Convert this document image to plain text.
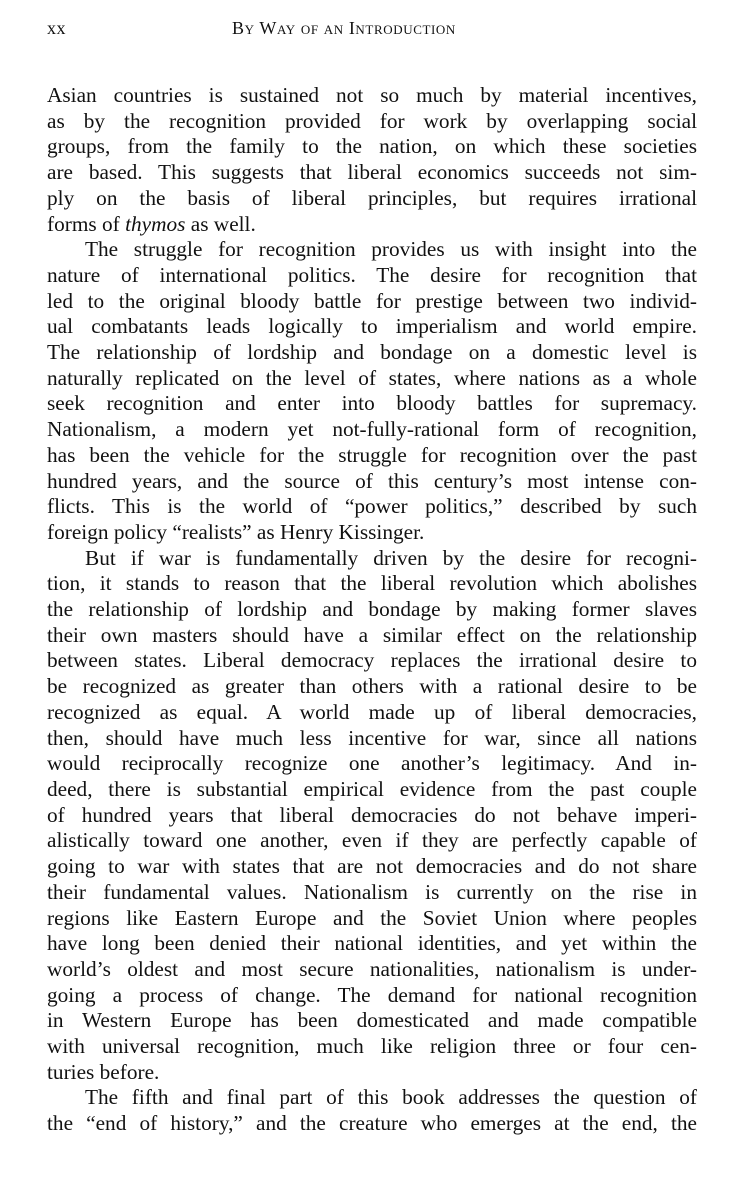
xx	By Way of an Introduction

Asian countries is sustained not so much by material incentives,
as by the recognition provided for work by overlapping social
groups, from the family to the nation, on which these societies
are based. This suggests that liberal economics succeeds not sim-
ply on the basis of liberal principles, but requires irrational
forms of thymos as well.

The struggle for recognition provides us with insight into the
nature of international politics. The desire for recognition that
led to the original bloody battle for prestige between two individ-
ual combatants leads logically to imperialism and world empire.
The relationship of lordship and bondage on a domestic level is
naturally replicated on the level of states, where nations as a whole
seek recognition and enter into bloody battles for supremacy.
Nationalism, a modern yet not-fully-rational form of recognition,
has been the vehicle for the struggle for recognition over the past
hundred years, and the source of this century’s most intense con-
flicts. This is the world of “power politics,” described by such
foreign policy “realists” as Henry Kissinger.

But if war is fundamentally driven by the desire for recogni-
tion, it stands to reason that the liberal revolution which abolishes
the relationship of lordship and bondage by making former slaves
their own masters should have a similar effect on the relationship
between states. Liberal democracy replaces the irrational desire to
be recognized as greater than others with a rational desire to be
recognized as equal. A world made up of liberal democracies,
then, should have much less incentive for war, since all nations
would reciprocally recognize one another’s legitimacy. And in-
deed, there is substantial empirical evidence from the past couple
of hundred years that liberal democracies do not behave imperi-
alistically toward one another, even if they are perfectly capable of
going to war with states that are not democracies and do not share
their fundamental values. Nationalism is currently on the rise in
regions like Eastern Europe and the Soviet Union where peoples
have long been denied their national identities, and yet within the
world’s oldest and most secure nationalities, nationalism is under-
going a process of change. The demand for national recognition
in Western Europe has been domesticated and made compatible
with universal recognition, much like religion three or four cen-
turies before.

The fifth and final part of this book addresses the question of
the “end of history,” and the creature who emerges at the end, the
